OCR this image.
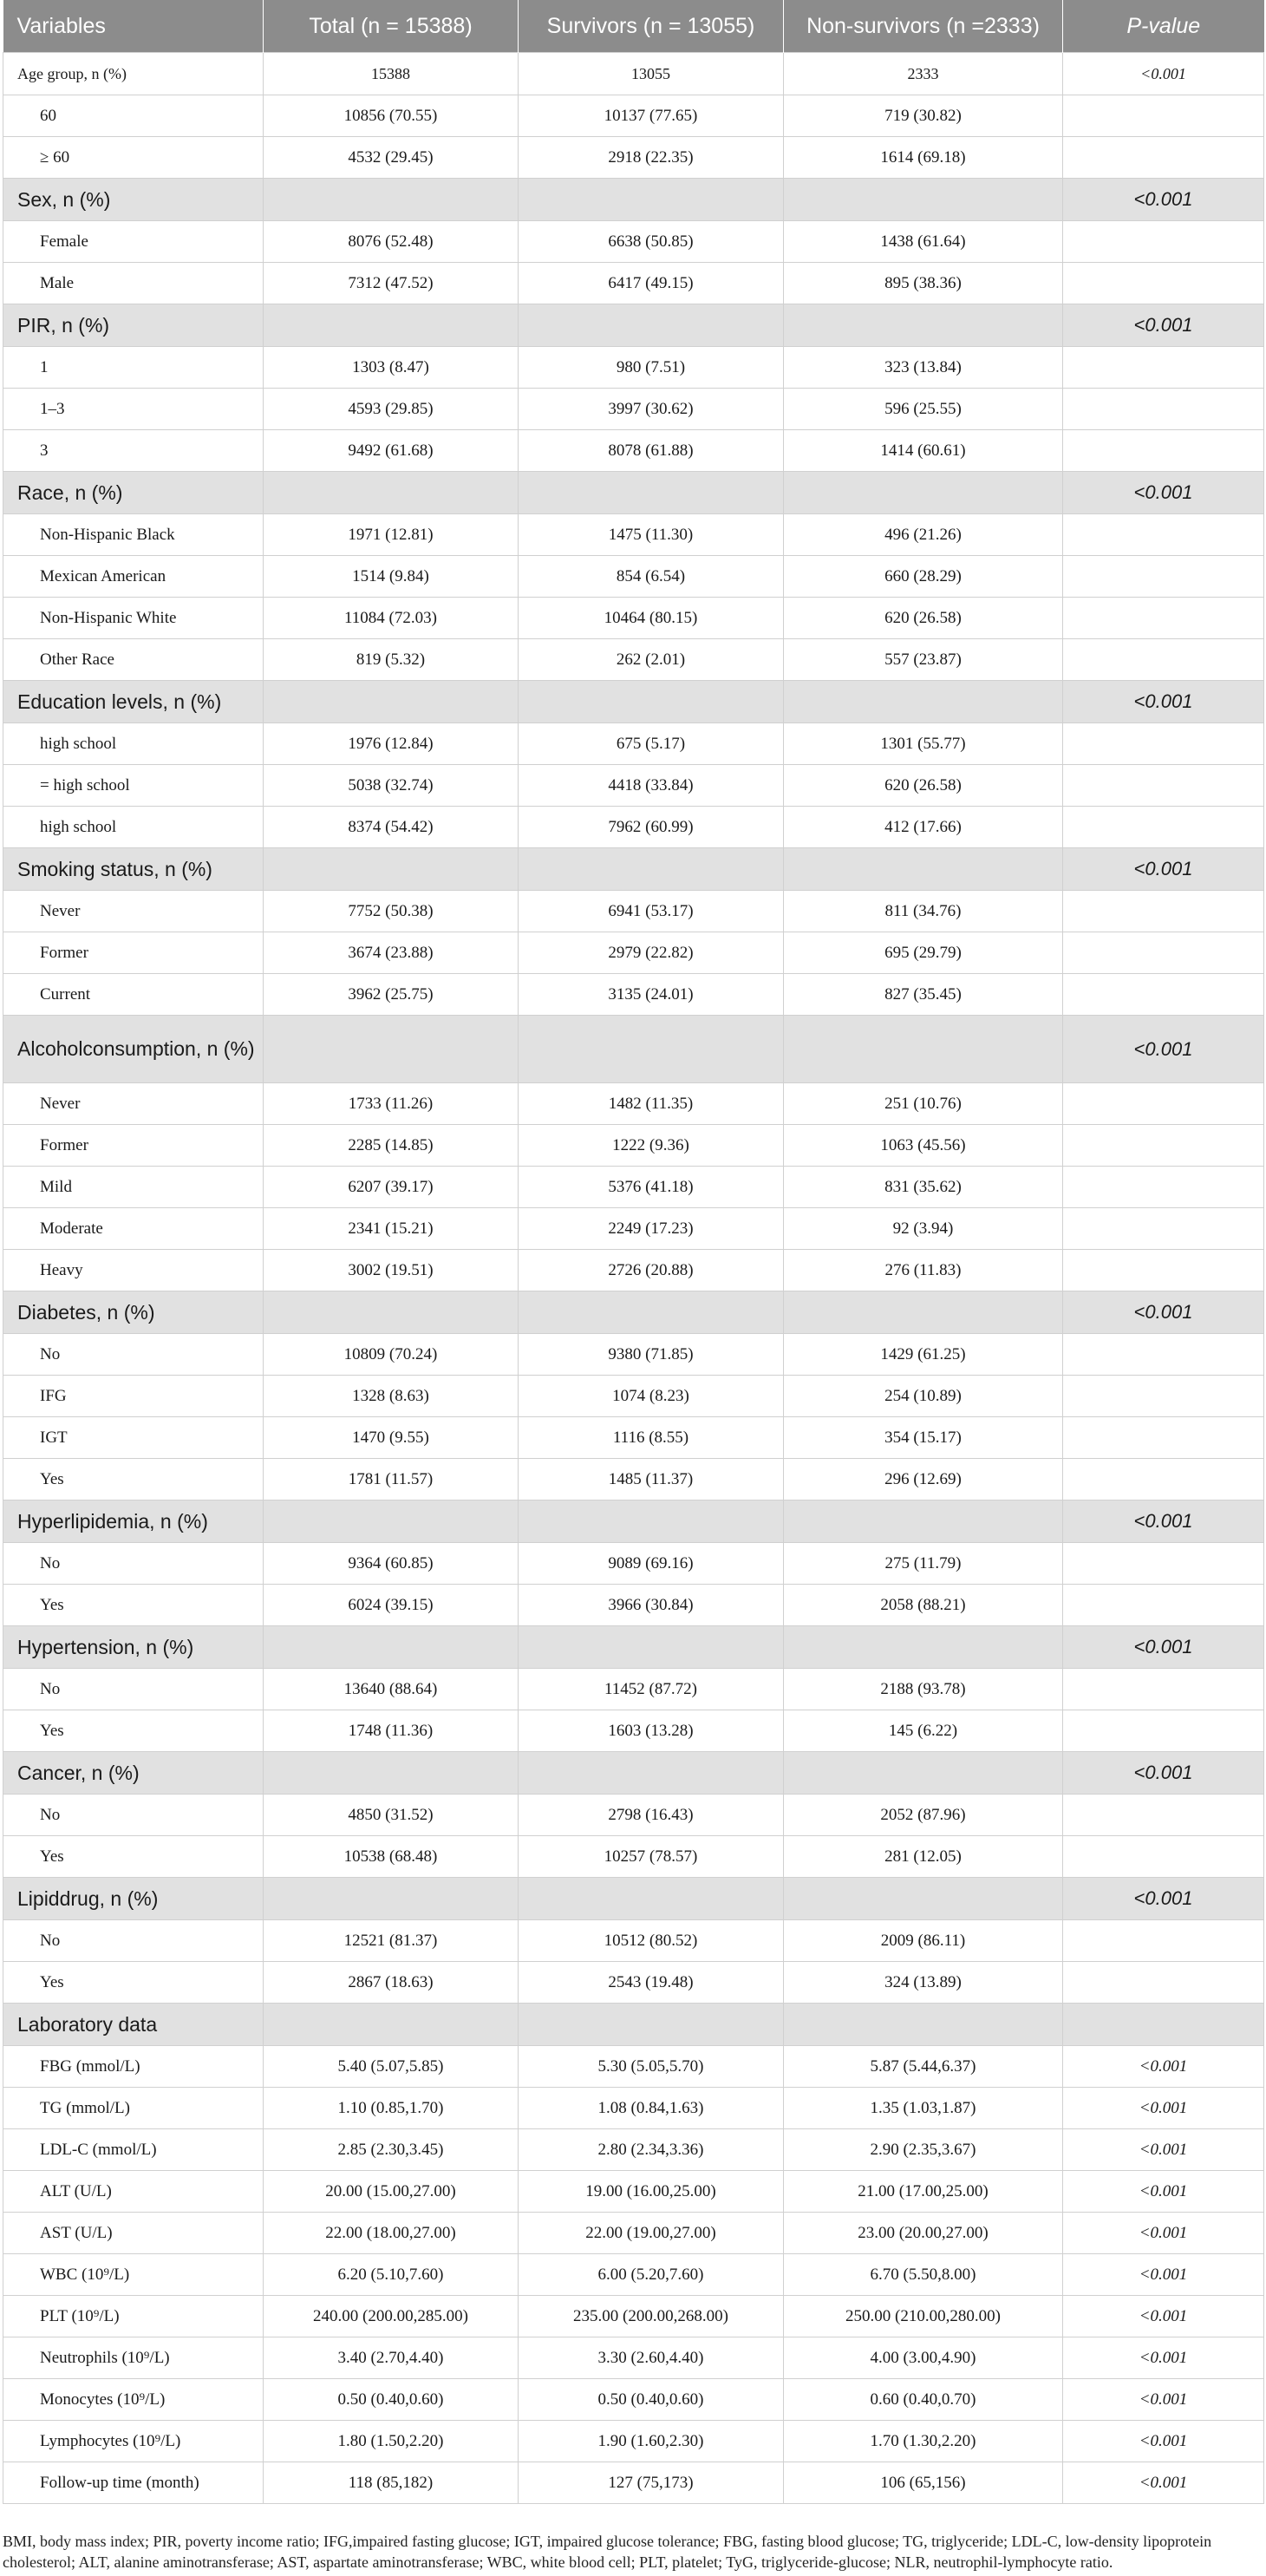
Variables	Total (n = 15388)	Survivors (n = 13055)	Non-survivors (n =2333)	P-value
Age group, n (%)	15388	13055	2333	<0.001
60	10856 (70.55)	10137 (77.65)	719 (30.82)	
≥ 60	4532 (29.45)	2918 (22.35)	1614 (69.18)	
Sex, n (%)				<0.001
Female	8076 (52.48)	6638 (50.85)	1438 (61.64)	
Male	7312 (47.52)	6417 (49.15)	895 (38.36)	
PIR, n (%)				<0.001
1	1303 (8.47)	980 (7.51)	323 (13.84)	
1–3	4593 (29.85)	3997 (30.62)	596 (25.55)	
3	9492 (61.68)	8078 (61.88)	1414 (60.61)	
Race, n (%)				<0.001
Non-Hispanic Black	1971 (12.81)	1475 (11.30)	496 (21.26)	
Mexican American	1514 (9.84)	854 (6.54)	660 (28.29)	
Non-Hispanic White	11084 (72.03)	10464 (80.15)	620 (26.58)	
Other Race	819 (5.32)	262 (2.01)	557 (23.87)	
Education levels, n (%)				<0.001
high school	1976 (12.84)	675 (5.17)	1301 (55.77)	
= high school	5038 (32.74)	4418 (33.84)	620 (26.58)	
high school	8374 (54.42)	7962 (60.99)	412 (17.66)	
Smoking status, n (%)				<0.001
Never	7752 (50.38)	6941 (53.17)	811 (34.76)	
Former	3674 (23.88)	2979 (22.82)	695 (29.79)	
Current	3962 (25.75)	3135 (24.01)	827 (35.45)	
Alcoholconsumption, n (%)				<0.001
Never	1733 (11.26)	1482 (11.35)	251 (10.76)	
Former	2285 (14.85)	1222 (9.36)	1063 (45.56)	
Mild	6207 (39.17)	5376 (41.18)	831 (35.62)	
Moderate	2341 (15.21)	2249 (17.23)	92 (3.94)	
Heavy	3002 (19.51)	2726 (20.88)	276 (11.83)	
Diabetes, n (%)				<0.001
No	10809 (70.24)	9380 (71.85)	1429 (61.25)	
IFG	1328 (8.63)	1074 (8.23)	254 (10.89)	
IGT	1470 (9.55)	1116 (8.55)	354 (15.17)	
Yes	1781 (11.57)	1485 (11.37)	296 (12.69)	
Hyperlipidemia, n (%)				<0.001
No	9364 (60.85)	9089 (69.16)	275 (11.79)	
Yes	6024 (39.15)	3966 (30.84)	2058 (88.21)	
Hypertension, n (%)				<0.001
No	13640 (88.64)	11452 (87.72)	2188 (93.78)	
Yes	1748 (11.36)	1603 (13.28)	145 (6.22)	
Cancer, n (%)				<0.001
No	4850 (31.52)	2798 (16.43)	2052 (87.96)	
Yes	10538 (68.48)	10257 (78.57)	281 (12.05)	
Lipiddrug, n (%)				<0.001
No	12521 (81.37)	10512 (80.52)	2009 (86.11)	
Yes	2867 (18.63)	2543 (19.48)	324 (13.89)	
Laboratory data				
FBG (mmol/L)	5.40 (5.07,5.85)	5.30 (5.05,5.70)	5.87 (5.44,6.37)	<0.001
TG (mmol/L)	1.10 (0.85,1.70)	1.08 (0.84,1.63)	1.35 (1.03,1.87)	<0.001
LDL-C (mmol/L)	2.85 (2.30,3.45)	2.80 (2.34,3.36)	2.90 (2.35,3.67)	<0.001
ALT (U/L)	20.00 (15.00,27.00)	19.00 (16.00,25.00)	21.00 (17.00,25.00)	<0.001
AST (U/L)	22.00 (18.00,27.00)	22.00 (19.00,27.00)	23.00 (20.00,27.00)	<0.001
WBC (10⁹/L)	6.20 (5.10,7.60)	6.00 (5.20,7.60)	6.70 (5.50,8.00)	<0.001
PLT (10⁹/L)	240.00 (200.00,285.00)	235.00 (200.00,268.00)	250.00 (210.00,280.00)	<0.001
Neutrophils (10⁹/L)	3.40 (2.70,4.40)	3.30 (2.60,4.40)	4.00 (3.00,4.90)	<0.001
Monocytes (10⁹/L)	0.50 (0.40,0.60)	0.50 (0.40,0.60)	0.60 (0.40,0.70)	<0.001
Lymphocytes (10⁹/L)	1.80 (1.50,2.20)	1.90 (1.60,2.30)	1.70 (1.30,2.20)	<0.001
Follow-up time (month)	118 (85,182)	127 (75,173)	106 (65,156)	<0.001
BMI, body mass index; PIR, poverty income ratio; IFG,impaired fasting glucose; IGT, impaired glucose tolerance; FBG, fasting blood glucose; TG, triglyceride; LDL-C, low-density lipoprotein cholesterol; ALT, alanine aminotransferase; AST, aspartate aminotransferase; WBC, white blood cell; PLT, platelet; TyG, triglyceride-glucose; NLR, neutrophil-lymphocyte ratio.
